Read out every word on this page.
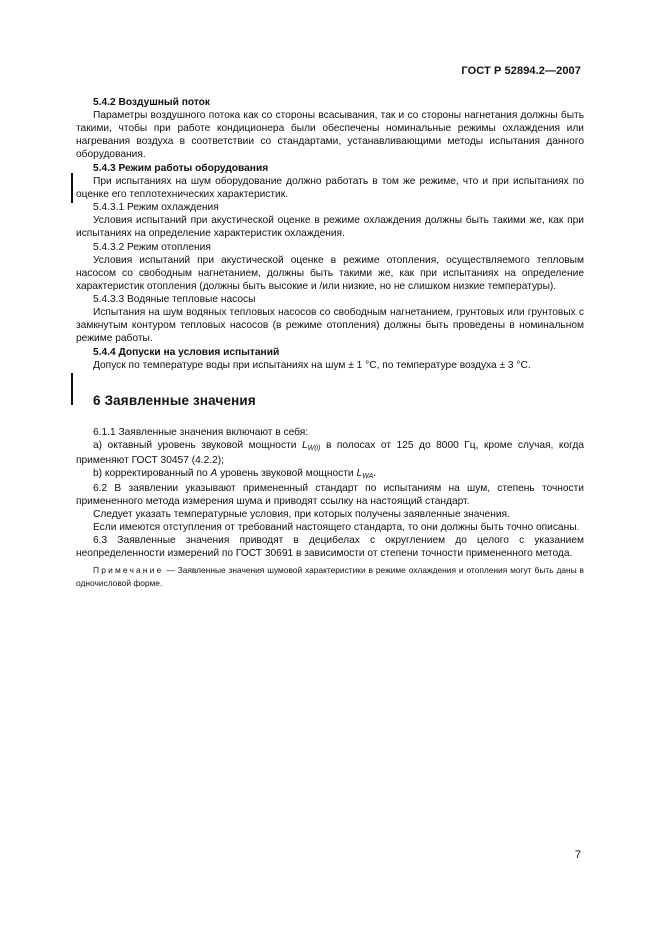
ГОСТ Р 52894.2—2007

5.4.2 Воздушный поток

Параметры воздушного потока как со стороны всасывания, так и со стороны нагнетания должны быть такими, чтобы при работе кондиционера были обеспечены номинальные режимы охлаждения или нагревания воздуха в соответствии со стандартами, устанавливающими методы испытания данного оборудования.

5.4.3 Режим работы оборудования

При испытаниях на шум оборудование должно работать в том же режиме, что и при испытаниях по оценке его теплотехнических характеристик.

5.4.3.1 Режим охлаждения

Условия испытаний при акустической оценке в режиме охлаждения должны быть такими же, как при испытаниях на определение характеристик охлаждения.

5.4.3.2 Режим отопления

Условия испытаний при акустической оценке в режиме отопления, осуществляемого тепловым насосом со свободным нагнетанием, должны быть такими же, как при испытаниях на определение характеристик отопления (должны быть высокие и /или низкие, но не слишком низкие температуры).

5.4.3.3 Водяные тепловые насосы

Испытания на шум водяных тепловых насосов со свободным нагнетанием, грунтовых или грунтовых с замкнутым контуром тепловых насосов (в режиме отопления) должны быть проведены в номинальном режиме работы.

5.4.4 Допуски на условия испытаний

Допуск по температуре воды при испытаниях на шум ± 1 °С, по температуре воздуха ± 3 °С.

6 Заявленные значения

6.1.1 Заявленные значения включают в себя:

a) октавный уровень звуковой мощности $L_{W(i)}$ в полосах от 125 до 8000 Гц, кроме случая, когда применяют ГОСТ 30457 (4.2.2);

b) корректированный по A уровень звуковой мощности $L_{WA}$.

6.2 В заявлении указывают примененный стандарт по испытаниям на шум, степень точности примененного метода измерения шума и приводят ссылку на настоящий стандарт.

Следует указать температурные условия, при которых получены заявленные значения.

Если имеются отступления от требований настоящего стандарта, то они должны быть точно описаны.

6.3 Заявленные значения приводят в децибелах с округлением до целого с указанием неопределенности измерений по ГОСТ 30691 в зависимости от степени точности примененного метода.

Примечание — Заявленные значения шумовой характеристики в режиме охлаждения и отопления могут быть даны в одночисловой форме.

7
